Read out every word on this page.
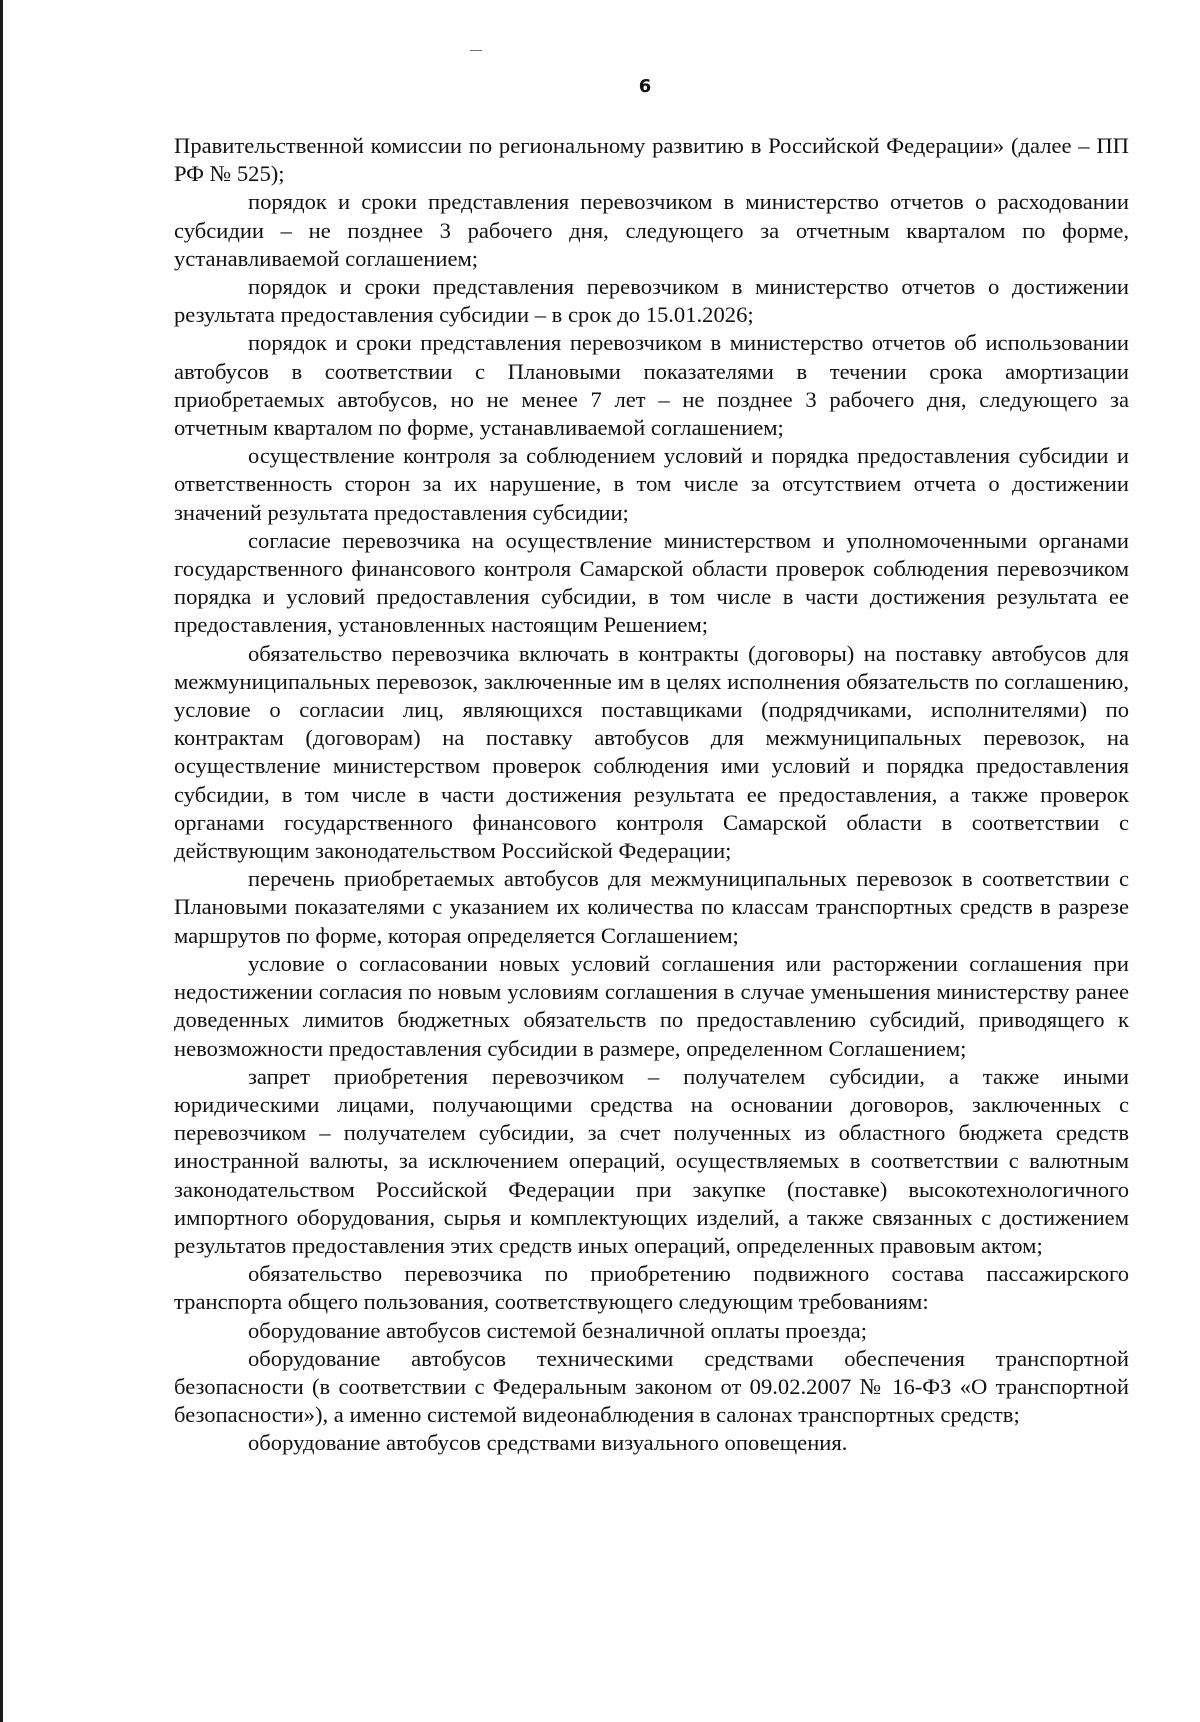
6

Правительственной комиссии по региональному развитию в Российской Федерации» (далее – ПП РФ № 525);

порядок и сроки представления перевозчиком в министерство отчетов о расходовании субсидии – не позднее 3 рабочего дня, следующего за отчетным кварталом по форме, устанавливаемой соглашением;

порядок и сроки представления перевозчиком в министерство отчетов о достижении результата предоставления субсидии – в срок до 15.01.2026;

порядок и сроки представления перевозчиком в министерство отчетов об использовании автобусов в соответствии с Плановыми показателями в течении срока амортизации приобретаемых автобусов, но не менее 7 лет – не позднее 3 рабочего дня, следующего за отчетным кварталом по форме, устанавливаемой соглашением;

осуществление контроля за соблюдением условий и порядка предоставления субсидии и ответственность сторон за их нарушение, в том числе за отсутствием отчета о достижении значений результата предоставления субсидии;

согласие перевозчика на осуществление министерством и уполномоченными органами государственного финансового контроля Самарской области проверок соблюдения перевозчиком порядка и условий предоставления субсидии, в том числе в части достижения результата ее предоставления, установленных настоящим Решением;

обязательство перевозчика включать в контракты (договоры) на поставку автобусов для межмуниципальных перевозок, заключенные им в целях исполнения обязательств по соглашению, условие о согласии лиц, являющихся поставщиками (подрядчиками, исполнителями) по контрактам (договорам) на поставку автобусов для межмуниципальных перевозок, на осуществление министерством проверок соблюдения ими условий и порядка предоставления субсидии, в том числе в части достижения результата ее предоставления, а также проверок органами государственного финансового контроля Самарской области в соответствии с действующим законодательством Российской Федерации;

перечень приобретаемых автобусов для межмуниципальных перевозок в соответствии с Плановыми показателями с указанием их количества по классам транспортных средств в разрезе маршрутов по форме, которая определяется Соглашением;

условие о согласовании новых условий соглашения или расторжении соглашения при недостижении согласия по новым условиям соглашения в случае уменьшения министерству ранее доведенных лимитов бюджетных обязательств по предоставлению субсидий, приводящего к невозможности предоставления субсидии в размере, определенном Соглашением;

запрет приобретения перевозчиком – получателем субсидии, а также иными юридическими лицами, получающими средства на основании договоров, заключенных с перевозчиком – получателем субсидии, за счет полученных из областного бюджета средств иностранной валюты, за исключением операций, осуществляемых в соответствии с валютным законодательством Российской Федерации при закупке (поставке) высокотехнологичного импортного оборудования, сырья и комплектующих изделий, а также связанных с достижением результатов предоставления этих средств иных операций, определенных правовым актом;

обязательство перевозчика по приобретению подвижного состава пассажирского транспорта общего пользования, соответствующего следующим требованиям:

оборудование автобусов системой безналичной оплаты проезда;

оборудование автобусов техническими средствами обеспечения транспортной безопасности (в соответствии с Федеральным законом от 09.02.2007 № 16-ФЗ «О транспортной безопасности»), а именно системой видеонаблюдения в салонах транспортных средств;

оборудование автобусов средствами визуального оповещения.
